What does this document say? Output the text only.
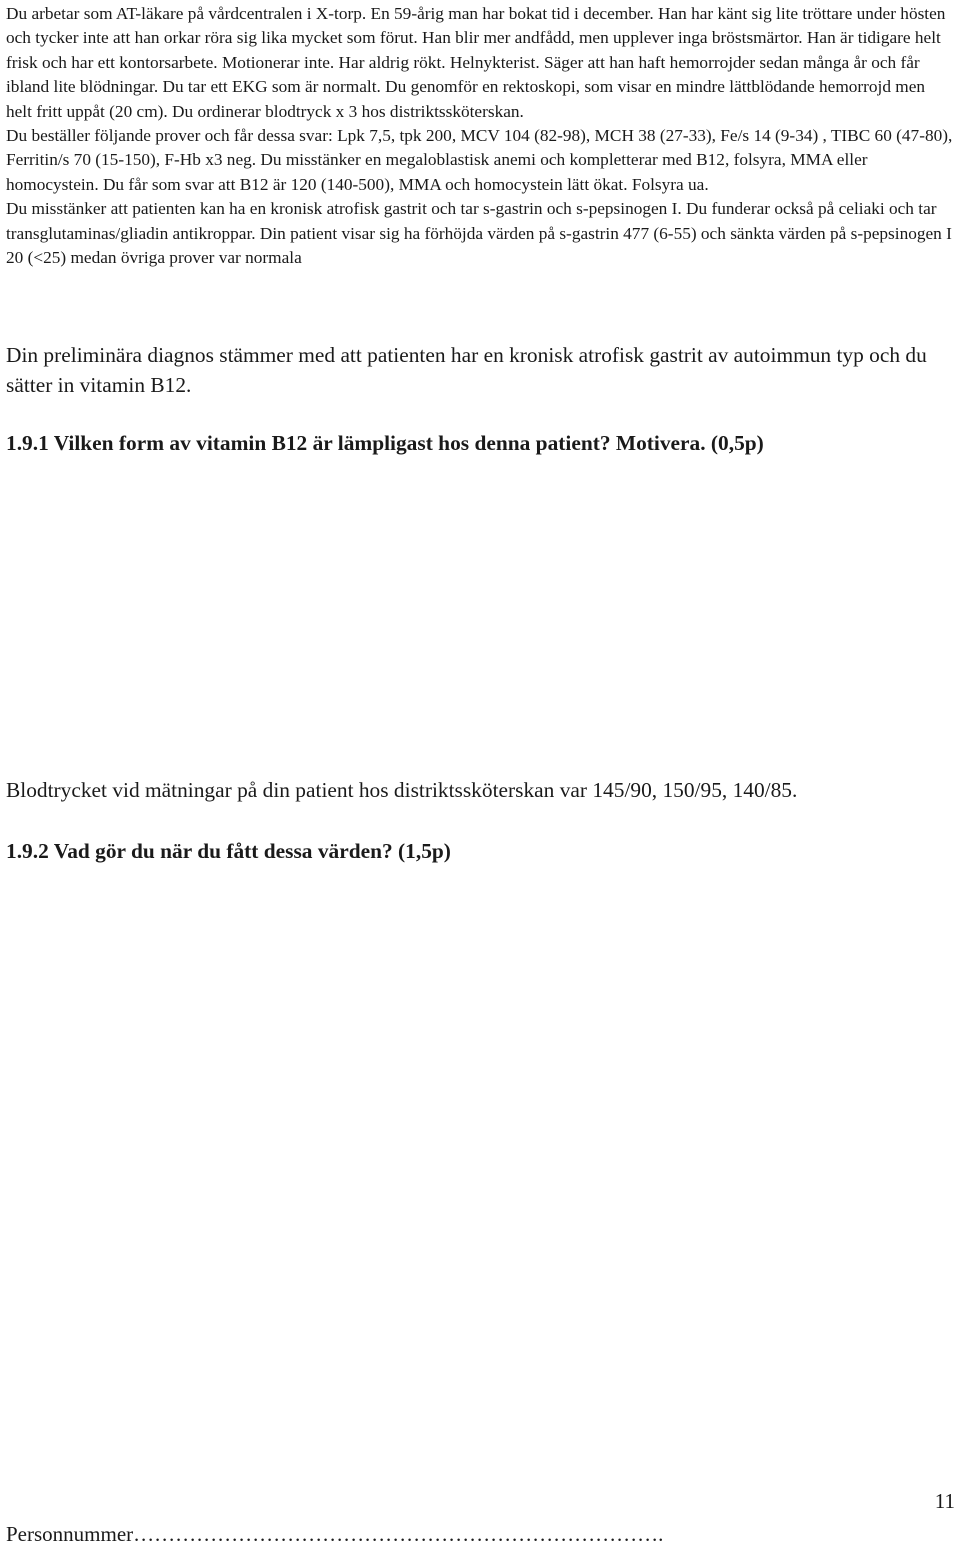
Du arbetar som AT-läkare på vårdcentralen i X-torp. En 59-årig man har bokat tid i december. Han har känt sig lite tröttare under hösten och tycker inte att han orkar röra sig lika mycket som förut. Han blir mer andfådd, men upplever inga bröstsmärtor. Han är tidigare helt frisk och har ett kontorsarbete. Motionerar inte. Har aldrig rökt. Helnykterist. Säger att han haft hemorrojder sedan många år och får ibland lite blödningar. Du tar ett EKG som är normalt. Du genomför en rektoskopi, som visar en mindre lättblödande hemorrojd men helt fritt uppåt (20 cm). Du ordinerar blodtryck x 3 hos distriktssköterskan.

Du beställer följande prover och får dessa svar: Lpk 7,5, tpk 200, MCV 104 (82-98), MCH 38 (27-33), Fe/s 14 (9-34) , TIBC 60 (47-80), Ferritin/s 70 (15-150), F-Hb x3 neg. Du misstänker en megaloblastisk anemi och kompletterar med B12, folsyra, MMA eller homocystein. Du får som svar att B12 är 120 (140-500), MMA och homocystein lätt ökat. Folsyra ua.

Du misstänker att patienten kan ha en kronisk atrofisk gastrit och tar s-gastrin och s-pepsinogen I. Du funderar också på celiaki och tar transglutaminas/gliadin antikroppar. Din patient visar sig ha förhöjda värden på s-gastrin 477 (6-55) och sänkta värden på s-pepsinogen I 20 (<25) medan övriga prover var normala

Din preliminära diagnos stämmer med att patienten har en kronisk atrofisk gastrit av autoimmun typ och du sätter in vitamin B12.

1.9.1 Vilken form av vitamin B12 är lämpligast hos denna patient? Motivera. (0,5p)

Blodtrycket vid mätningar på din patient hos distriktssköterskan var 145/90, 150/95, 140/85.

1.9.2 Vad gör du när du fått dessa värden? (1,5p)

11
Personnummer………………………………………………………………….
